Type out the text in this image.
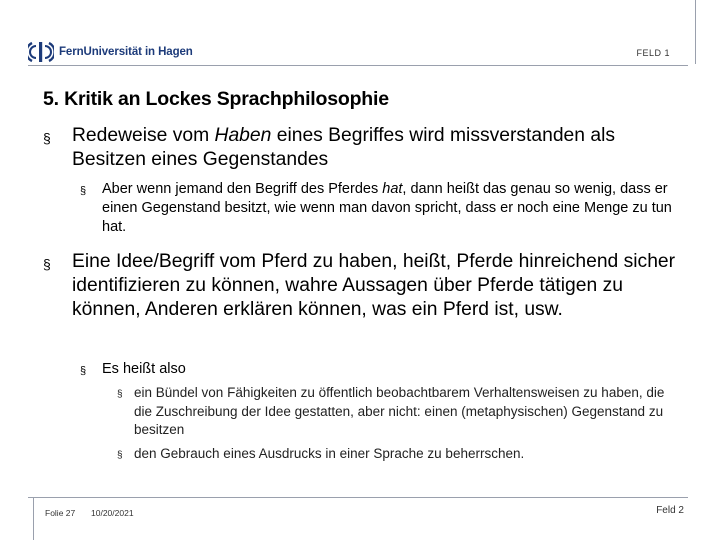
FernUniversität in Hagen	FELD 1
5. Kritik an Lockes Sprachphilosophie
§ Redeweise vom Haben eines Begriffes wird missverstanden als Besitzen eines Gegenstandes
§ Aber wenn jemand den Begriff des Pferdes hat, dann heißt das genau so wenig, dass er einen Gegenstand besitzt, wie wenn man davon spricht, dass er noch eine Menge zu tun hat.
§ Eine Idee/Begriff vom Pferd zu haben, heißt, Pferde hinreichend sicher identifizieren zu können, wahre Aussagen über Pferde tätigen zu können, Anderen erklären können, was ein Pferd ist, usw.
§ Es heißt also
§ ein Bündel von Fähigkeiten zu öffentlich beobachtbarem Verhaltensweisen zu haben, die die Zuschreibung der Idee gestatten, aber nicht: einen (metaphysischen) Gegenstand zu besitzen
§ den Gebrauch eines Ausdrucks in einer Sprache zu beherrschen.
Folie 27 10/20/2021	Feld 2
